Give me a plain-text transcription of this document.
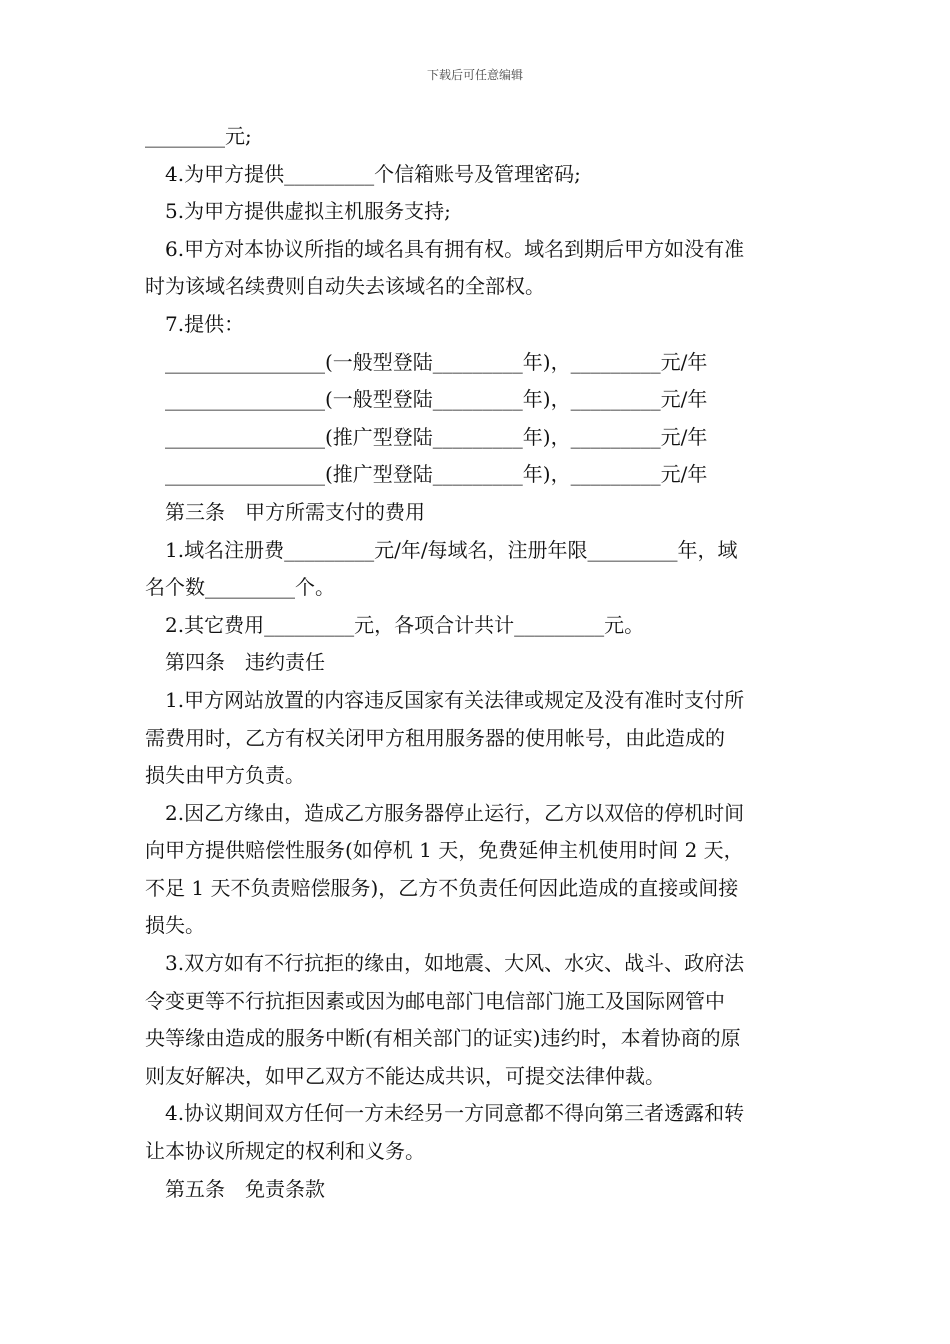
下载后可任意编辑
________元;
4.为甲方提供_________个信箱账号及管理密码;
5.为甲方提供虚拟主机服务支持;
6.甲方对本协议所指的域名具有拥有权。域名到期后甲方如没有准
时为该域名续费则自动失去该域名的全部权。
7.提供：
________________(一般型登陆_________年)，_________元/年
________________(一般型登陆_________年)，_________元/年
________________(推广型登陆_________年)，_________元/年
________________(推广型登陆_________年)，_________元/年
第三条 甲方所需支付的费用
1.域名注册费_________元/年/每域名，注册年限_________年，域
名个数_________个。
2.其它费用_________元，各项合计共计_________元。
第四条 违约责任
1.甲方网站放置的内容违反国家有关法律或规定及没有准时支付所
需费用时，乙方有权关闭甲方租用服务器的使用帐号，由此造成的
损失由甲方负责。
2.因乙方缘由，造成乙方服务器停止运行，乙方以双倍的停机时间
向甲方提供赔偿性服务(如停机 1 天，免费延伸主机使用时间 2 天，
不足 1 天不负责赔偿服务)，乙方不负责任何因此造成的直接或间接
损失。
3.双方如有不行抗拒的缘由，如地震、大风、水灾、战斗、政府法
令变更等不行抗拒因素或因为邮电部门电信部门施工及国际网管中
央等缘由造成的服务中断(有相关部门的证实)违约时，本着协商的原
则友好解决，如甲乙双方不能达成共识，可提交法律仲裁。
4.协议期间双方任何一方未经另一方同意都不得向第三者透露和转
让本协议所规定的权利和义务。
第五条 免责条款
